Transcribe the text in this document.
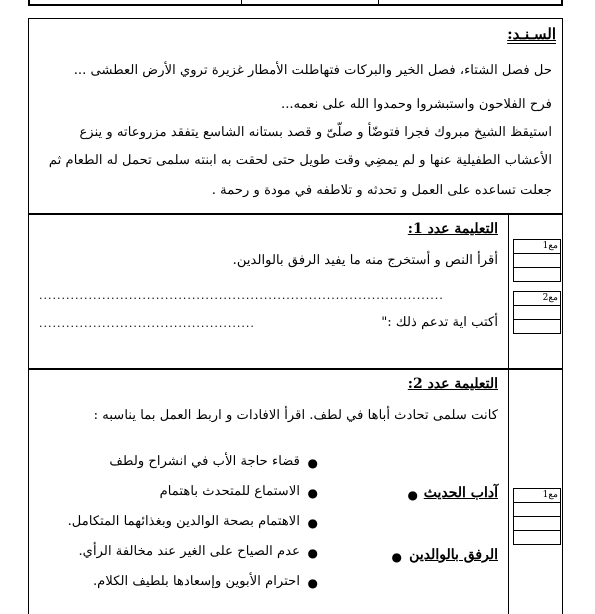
السـنـد:
حل فصل الشتاء، فصل الخير والبركات فتهاطلت الأمطار غزيرة تروي الأرض العطشى ...
فرح الفلاحون واستبشروا وحمدوا الله على نعمه...
استيقظ الشيخ مبروك فجرا فتوضّأ و صلّىّ و قصد بستانه الشاسع يتفقد مزروعاته و ينزع
الأعشاب الطفيلية عنها و لم يمضِي وقت طويل حتى لحقت به ابنته سلمى تحمل له الطعام ثم
جعلت تساعده على العمل و تحدثه و تلاطفه في مودة و رحمة .
التعليمة عدد 1:
أقرأ النص و أستخرج منه ما يفيد الرفق بالوالدين.
..........................................................................................
أكتب اية تدعم ذلك :"
................................................
مع1
مع2
التعليمة عدد 2:
كانت سلمى تحادث أباها في لطف. اقرأ الافادات و اربط العمل بما يناسبه :
●
قضاء حاجة الأب في انشراح ولطف
●
الاستماع للمتحدث باهتمام
●
الاهتمام بصحة الوالدين وبغذائهما المتكامل.
●
عدم الصياح على الغير عند مخالفة الرأي.
●
احترام الأبوين وإسعادها بلطيف الكلام.
آداب الحديث
●
الرفق بالوالدين
●
مع1
